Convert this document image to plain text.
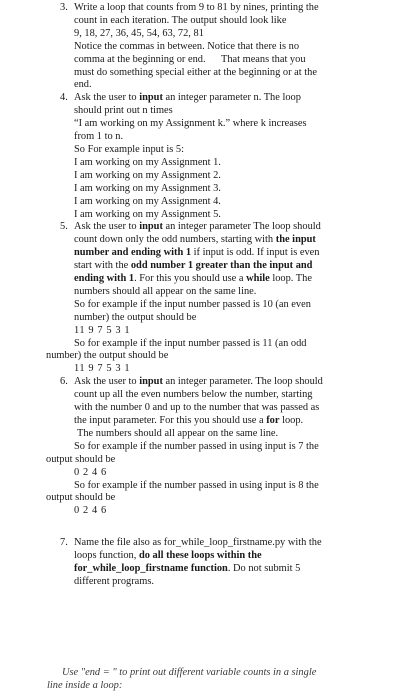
3. Write a loop that counts from 9 to 81 by nines, printing the
count in each iteration. The output should look like
9, 18, 27, 36, 45, 54, 63, 72, 81
Notice the commas in between. Notice that there is no
comma at the beginning or end.      That means that you
must do something special either at the beginning or at the
end.
4. Ask the user to input an integer parameter n. The loop
should print out n times
“I am working on my Assignment k.” where k increases
from 1 to n.
So For example input is 5:
I am working on my Assignment 1.
I am working on my Assignment 2.
I am working on my Assignment 3.
I am working on my Assignment 4.
I am working on my Assignment 5.
5. Ask the user to input an integer parameter The loop should
count down only the odd numbers, starting with the input
number and ending with 1 if input is odd. If input is even
start with the odd number 1 greater than the input and
ending with 1. For this you should use a while loop. The
numbers should all appear on the same line.
So for example if the input number passed is 10 (an even
number) the output should be
11 9 7 5 3 1
So for example if the input number passed is 11 (an odd
number) the output should be
11 9 7 5 3 1
6. Ask the user to input an integer parameter. The loop should
count up all the even numbers below the number, starting
with the number 0 and up to the number that was passed as
the input parameter. For this you should use a for loop.
The numbers should all appear on the same line.
So for example if the number passed in using input is 7 the
output should be
0 2 4 6
So for example if the number passed in using input is 8 the
output should be
0 2 4 6
7. Name the file also as for_while_loop_firstname.py with the
loops function, do all these loops within the
for_while_loop_firstname function. Do not submit 5
different programs.
Use "end = " to print out different variable counts in a single
line inside a loop:
